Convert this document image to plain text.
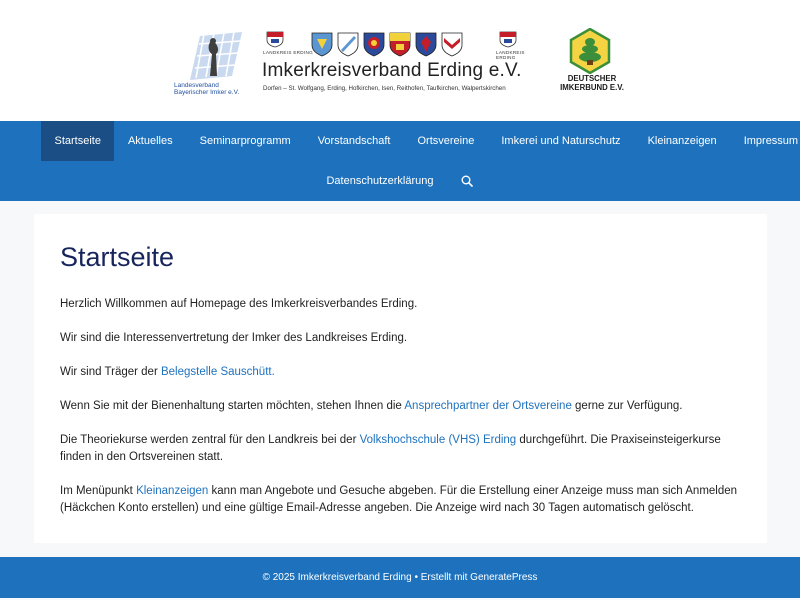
Landesverband
Bayerischer Imker e.V.
LANDKREIS ERDING	LANDKREIS ERDING
Imkerkreisverband Erding e.V.
Dorfen – St. Wolfgang, Erding, Hofkirchen, Isen, Reithofen, Taufkirchen, Walpertskirchen
DEUTSCHER
IMKERBUND E.V.
Startseite	Aktuelles	Seminarprogramm	Vorstandschaft	Ortsvereine	Imkerei und Naturschutz	Kleinanzeigen	Impressum
Datenschutzerklärung
Startseite

Herzlich Willkommen auf Homepage des Imkerkreisverbandes Erding.

Wir sind die Interessenvertretung der Imker des Landkreises Erding.

Wir sind Träger der Belegstelle Sauschütt.

Wenn Sie mit der Bienenhaltung starten möchten, stehen Ihnen die Ansprechpartner der Ortsvereine gerne zur Verfügung.

Die Theoriekurse werden zentral für den Landkreis bei der Volkshochschule (VHS) Erding durchgeführt. Die Praxiseinsteigerkurse finden in den Ortsvereinen statt.

Im Menüpunkt Kleinanzeigen kann man Angebote und Gesuche abgeben. Für die Erstellung einer Anzeige muss man sich Anmelden (Häckchen Konto erstellen) und eine gültige Email-Adresse angeben. Die Anzeige wird nach 30 Tagen automatisch gelöscht.

© 2025 Imkerkreisverband Erding • Erstellt mit GeneratePress
